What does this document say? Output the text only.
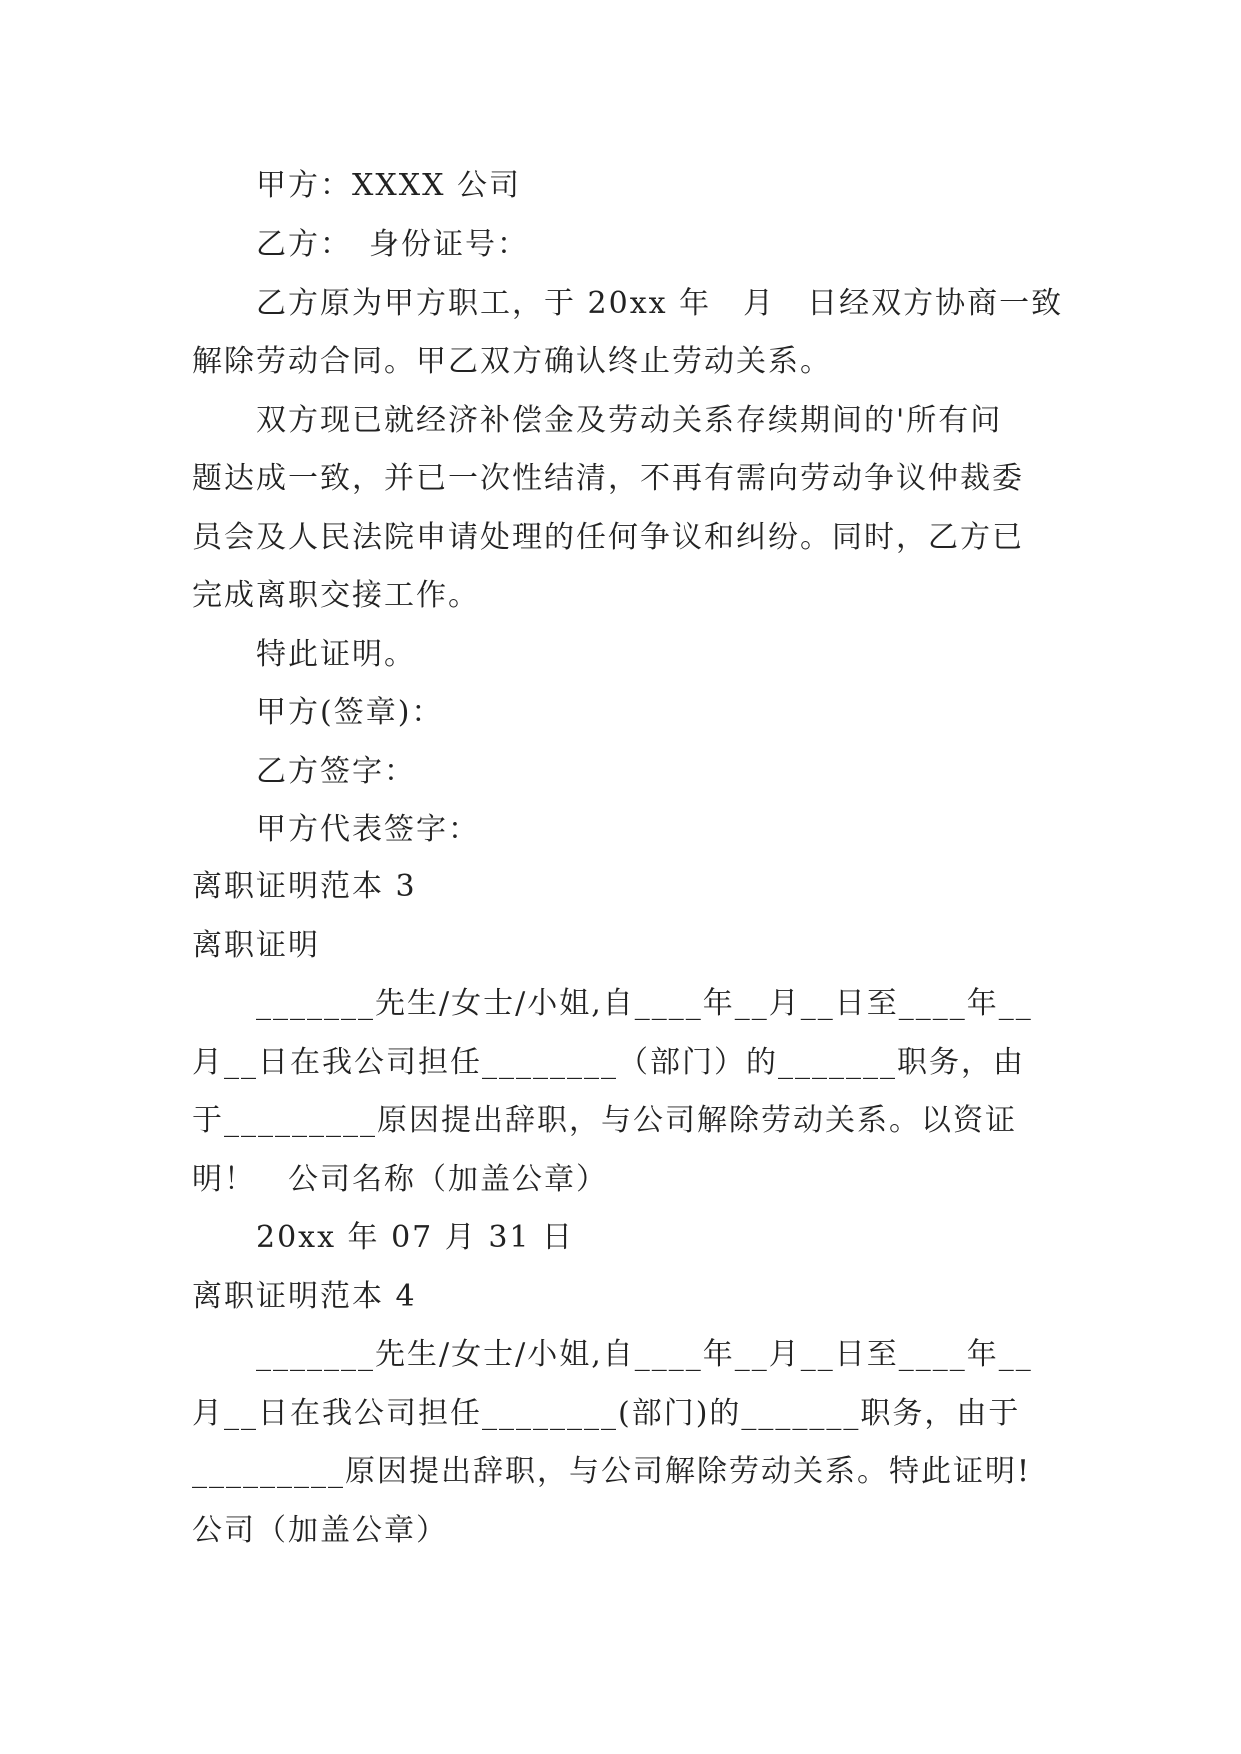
甲方：XXXX 公司
乙方：　身份证号：
乙方原为甲方职工，于 20xx 年　月　日经双方协商一致
解除劳动合同。甲乙双方确认终止劳动关系。
双方现已就经济补偿金及劳动关系存续期间的'所有问
题达成一致，并已一次性结清，不再有需向劳动争议仲裁委
员会及人民法院申请处理的任何争议和纠纷。同时，乙方已
完成离职交接工作。
特此证明。
甲方(签章)：
乙方签字：
甲方代表签字：
离职证明范本 3
离职证明
_______先生/女士/小姐,自____年__月__日至____年__
月__日在我公司担任________（部门）的_______职务，由
于_________原因提出辞职，与公司解除劳动关系。以资证
明！　公司名称（加盖公章）
20xx 年 07 月 31 日
离职证明范本 4
_______先生/女士/小姐,自____年__月__日至____年__
月__日在我公司担任________(部门)的_______职务，由于
_________原因提出辞职，与公司解除劳动关系。特此证明!
公司（加盖公章）
